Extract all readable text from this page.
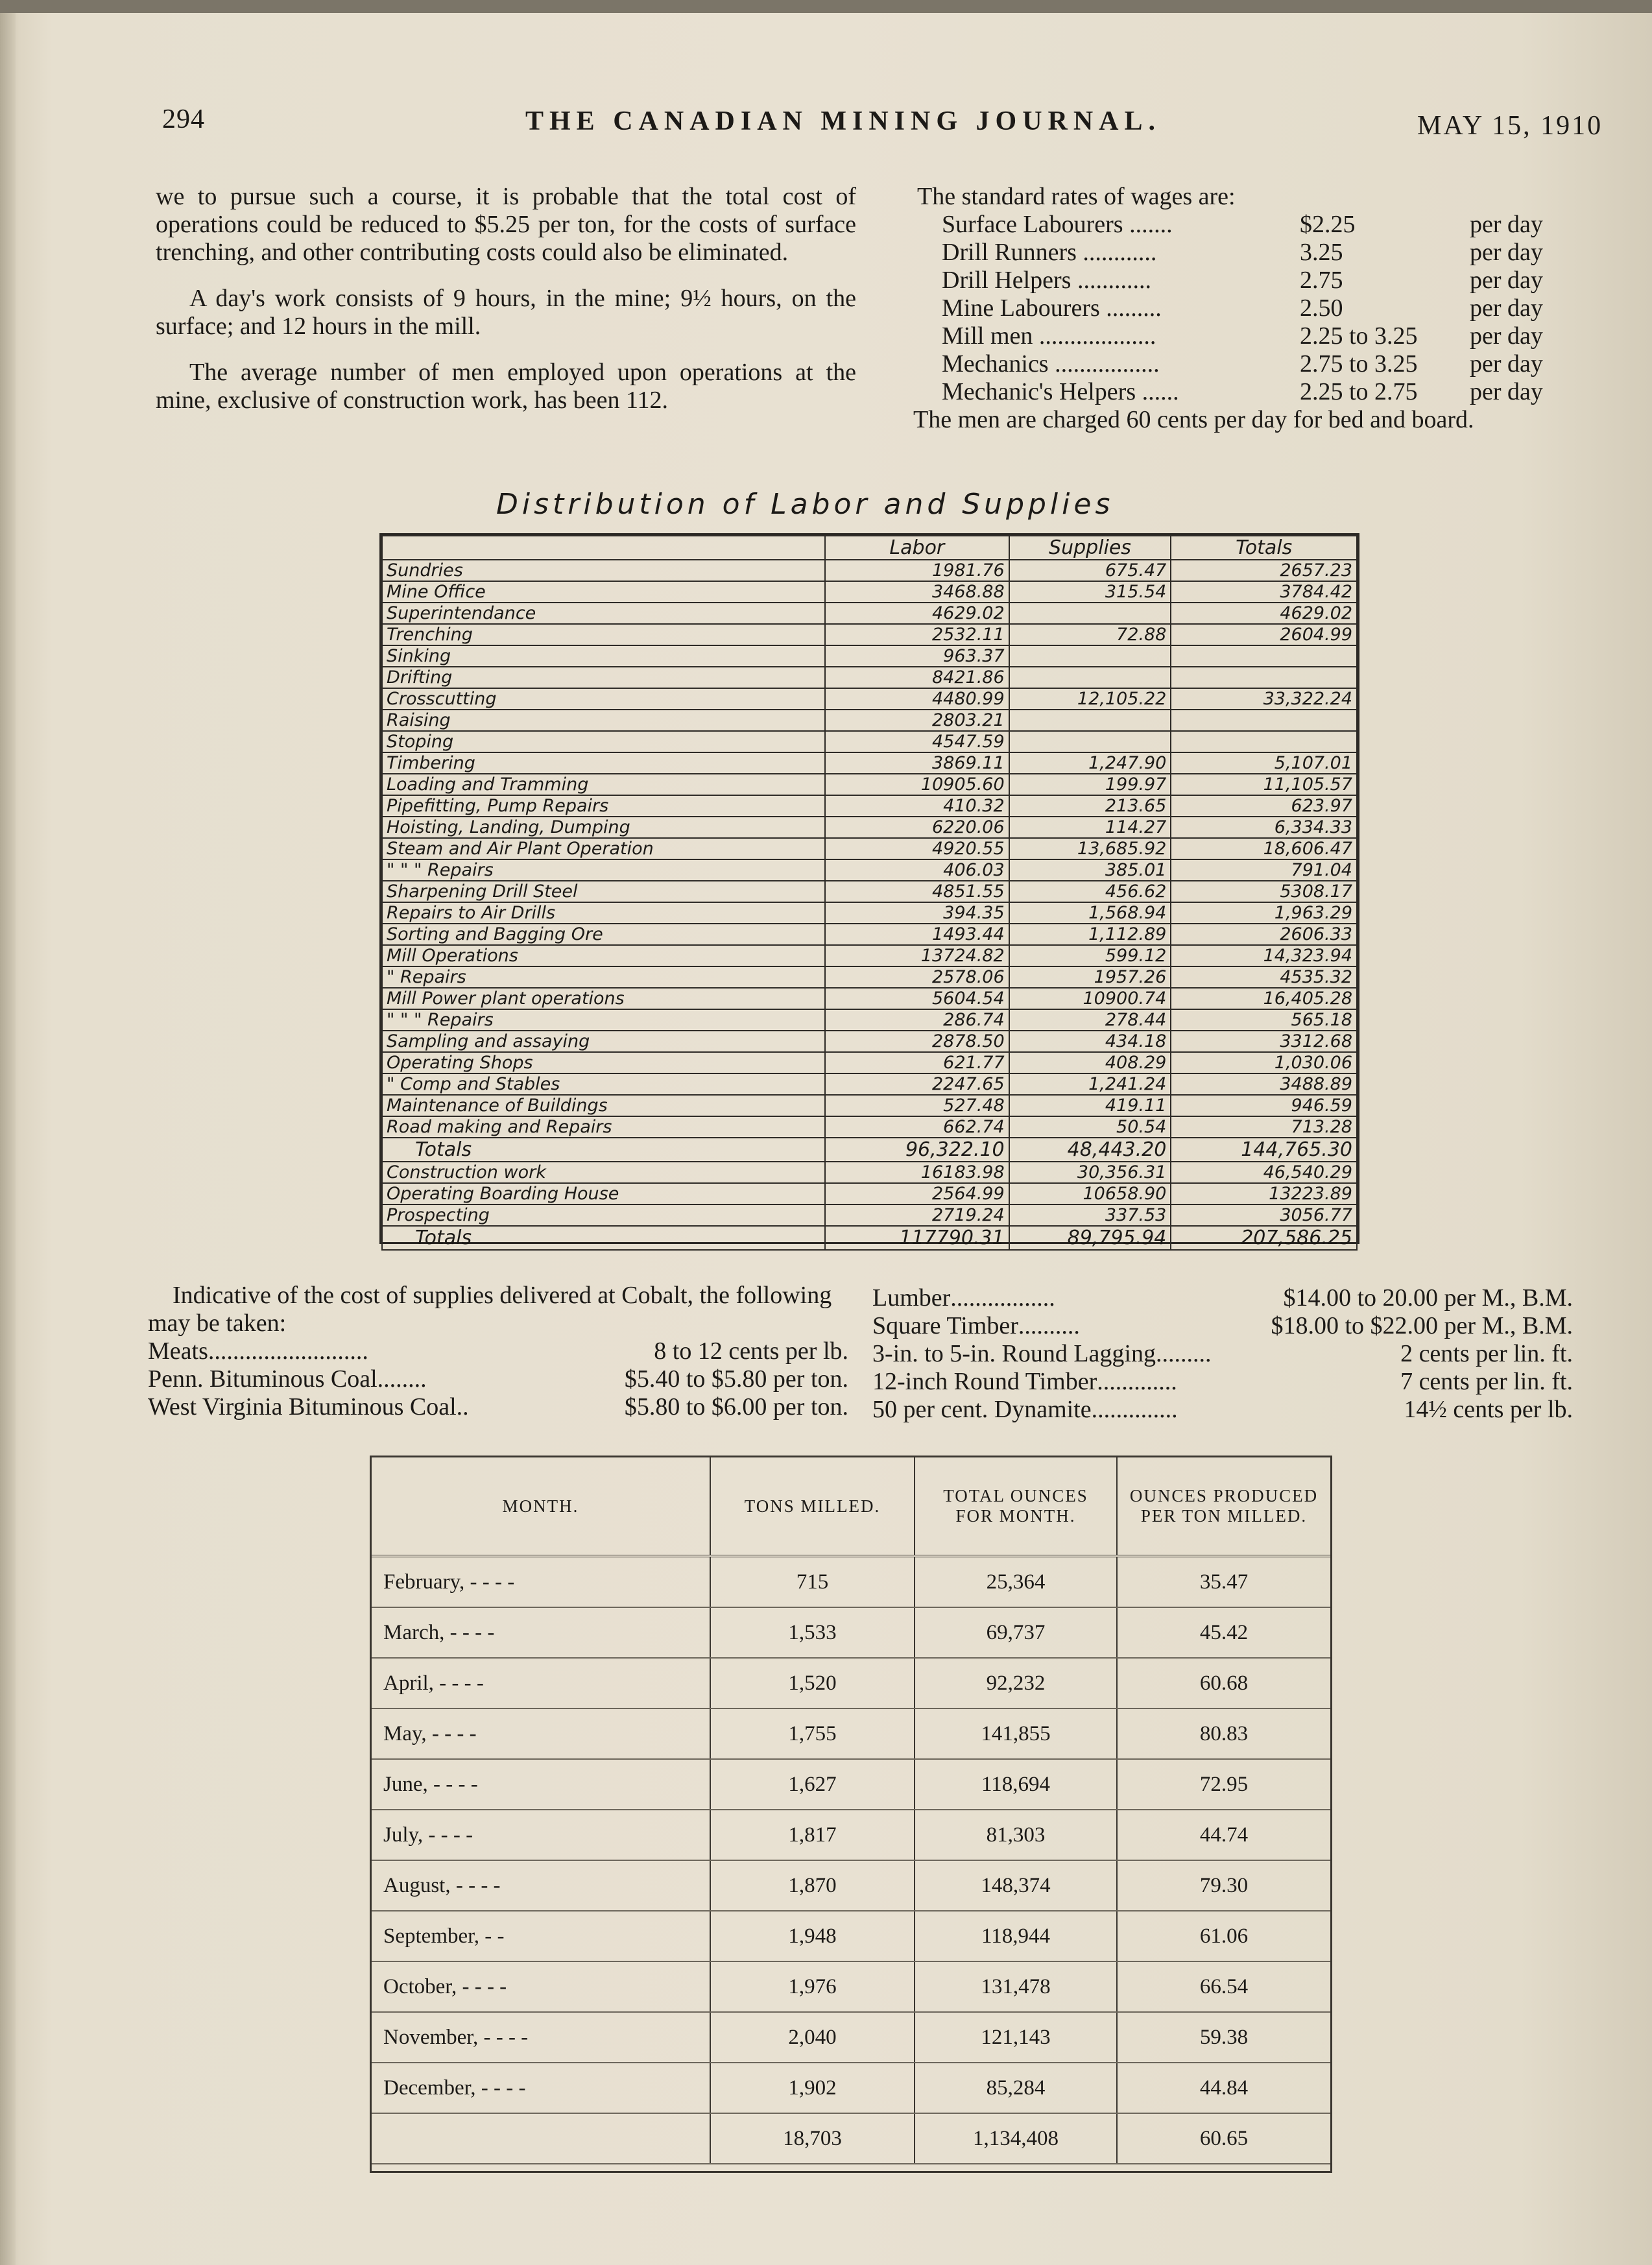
294	THE CANADIAN MINING JOURNAL.	MAY 15, 1910

we to pursue such a course, it is probable that the total cost of operations could be reduced to $5.25 per ton, for the costs of surface trenching, and other contributing costs could also be eliminated.

A day's work consists of 9 hours, in the mine; 9½ hours, on the surface; and 12 hours in the mill.

The average number of men employed upon operations at the mine, exclusive of construction work, has been 112.

The standard rates of wages are:
Surface Labourers .......	$2.25	per day
Drill Runners ............	3.25	per day
Drill Helpers ............	2.75	per day
Mine Labourers .........	2.50	per day
Mill men ...................	2.25 to 3.25	per day
Mechanics .................	2.75 to 3.25	per day
Mechanic's Helpers ......	2.25 to 2.75	per day
The men are charged 60 cents per day for bed and board.
Distribution of Labor and Supplies
	Labor	Supplies	Totals
Sundries	1981.76	675.47	2657.23
Mine Office	3468.88	315.54	3784.42
Superintendance	4629.02		4629.02
Trenching	2532.11	72.88	2604.99
Sinking	963.37		
Drifting	8421.86		
Crosscutting	4480.99	12,105.22	33,322.24
Raising	2803.21		
Stoping	4547.59		
Timbering	3869.11	1,247.90	5,107.01
Loading and Tramming	10905.60	199.97	11,105.57
Pipefitting, Pump Repairs	410.32	213.65	623.97
Hoisting, Landing, Dumping	6220.06	114.27	6,334.33
Steam and Air Plant Operation	4920.55	13,685.92	18,606.47
" " " Repairs	406.03	385.01	791.04
Sharpening Drill Steel	4851.55	456.62	5308.17
Repairs to Air Drills	394.35	1,568.94	1,963.29
Sorting and Bagging Ore	1493.44	1,112.89	2606.33
Mill Operations	13724.82	599.12	14,323.94
" Repairs	2578.06	1957.26	4535.32
Mill Power plant operations	5604.54	10900.74	16,405.28
" " " Repairs	286.74	278.44	565.18
Sampling and assaying	2878.50	434.18	3312.68
Operating Shops	621.77	408.29	1,030.06
" Comp and Stables	2247.65	1,241.24	3488.89
Maintenance of Buildings	527.48	419.11	946.59
Road making and Repairs	662.74	50.54	713.28
Totals	96,322.10	48,443.20	144,765.30
Construction work	16183.98	30,356.31	46,540.29
Operating Boarding House	2564.99	10658.90	13223.89
Prospecting	2719.24	337.53	3056.77
Totals	117790.31	89,795.94	207,586.25
Indicative of the cost of supplies delivered at Cobalt, the following may be taken:
Meats ..........................	8 to 12 cents per lb.
Penn. Bituminous Coal ........	$5.40 to $5.80 per ton.
West Virginia Bituminous Coal ..	$5.80 to $6.00 per ton.
Lumber .................	$14.00 to 20.00 per M., B.M.
Square Timber ..........	$18.00 to $22.00 per M., B.M.
3-in. to 5-in. Round Lagging .........	2 cents per lin. ft.
12-inch Round Timber .............	7 cents per lin. ft.
50 per cent. Dynamite ..............	14½ cents per lb.
MONTH.	TONS MILLED.	TOTAL OUNCES FOR MONTH.	OUNCES PRODUCED PER TON MILLED.
February, - - - -	715	25,364	35.47
March, - - - -	1,533	69,737	45.42
April, - - - -	1,520	92,232	60.68
May, - - - -	1,755	141,855	80.83
June, - - - -	1,627	118,694	72.95
July, - - - -	1,817	81,303	44.74
August, - - - -	1,870	148,374	79.30
September, - -	1,948	118,944	61.06
October, - - - -	1,976	131,478	66.54
November, - - - -	2,040	121,143	59.38
December, - - - -	1,902	85,284	44.84
	18,703	1,134,408	60.65
